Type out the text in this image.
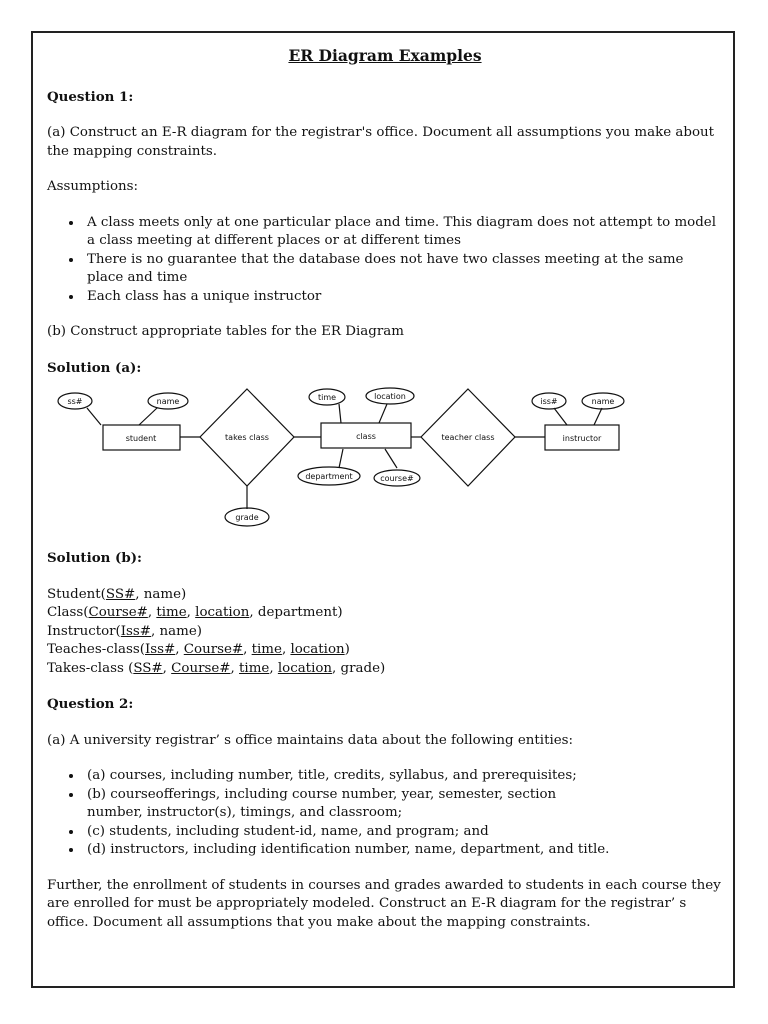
ER Diagram Examples
Question 1:

(a) Construct an E-R diagram for the registrar's office. Document all assumptions you make about the mapping constraints.

Assumptions:

• A class meets only at one particular place and time. This diagram does not attempt to model a class meeting at different places or at different times
• There is no guarantee that the database does not have two classes meeting at the same place and time
• Each class has a unique instructor

(b) Construct appropriate tables for the ER Diagram

Solution (a):
ss#	name
student	takes class
time	location
class
department	course#
teacher class	instructor
iss#	name
grade
Solution (b):
Student(SS#, name)
Class(Course#, time, location, department)
Instructor(Iss#, name)
Teaches-class(Iss#, Course#, time, location)
Takes-class (SS#, Course#, time, location, grade)
Question 2:

(a) A university registrar’ s office maintains data about the following entities:

• (a) courses, including number, title, credits, syllabus, and prerequisites;
• (b) courseofferings, including course number, year, semester, section number, instructor(s), timings, and classroom;
• (c) students, including student-id, name, and program; and
• (d) instructors, including identification number, name, department, and title.

Further, the enrollment of students in courses and grades awarded to students in each course they are enrolled for must be appropriately modeled. Construct an E-R diagram for the registrar’ s office. Document all assumptions that you make about the mapping constraints.
